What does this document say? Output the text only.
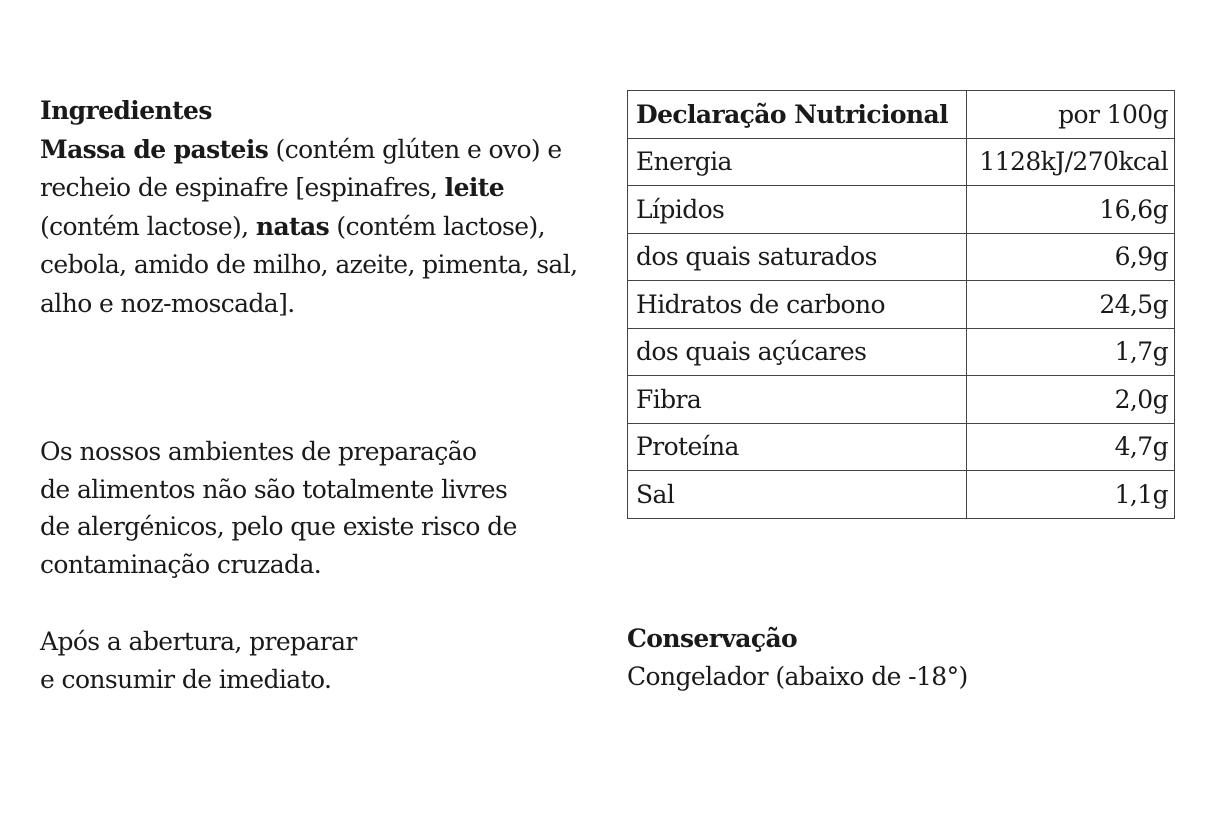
Ingredientes

Massa de pasteis (contém glúten e ovo) e recheio de espinafre [espinafres, leite (contém lactose), natas (contém lactose), cebola, amido de milho, azeite, pimenta, sal, alho e noz-moscada].

Os nossos ambientes de preparação
de alimentos não são totalmente livres
de alergénicos, pelo que existe risco de
contaminação cruzada.

Após a abertura, preparar
e consumir de imediato.

Declaração Nutricional	por 100g
Energia	1128kJ/270kcal
Lípidos	16,6g
dos quais saturados	6,9g
Hidratos de carbono	24,5g
dos quais açúcares	1,7g
Fibra	2,0g
Proteína	4,7g
Sal	1,1g
Conservação
Congelador (abaixo de -18°)
